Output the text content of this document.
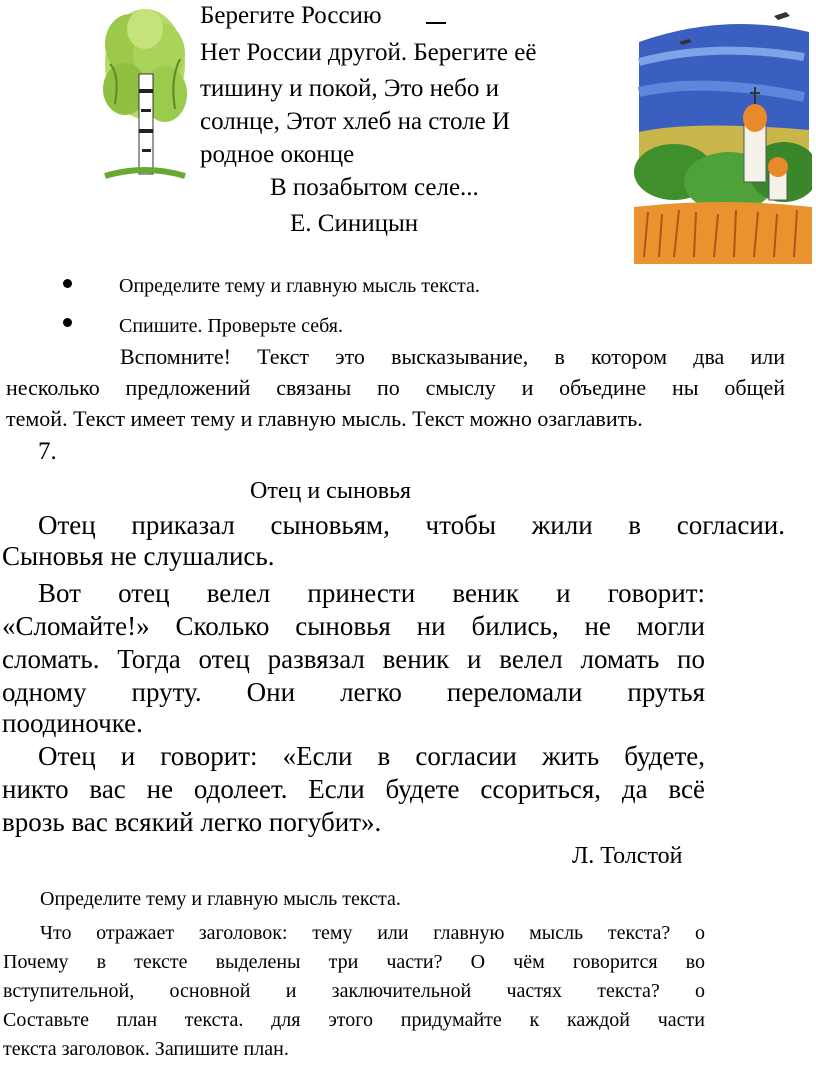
Берегите Россию
Нет России другой. Берегите её
тишину и покой, Это небо и
солнце, Этот хлеб на столе И
родное оконце
В позабытом селе...
Е. Синицын
Определите тему и главную мысль текста.
Спишите. Проверьте себя.
Вспомните! Текст это высказывание, в котором два или
несколько предложений связаны по смыслу и объедине ны общей
темой. Текст имеет тему и главную мысль. Текст можно озаглавить.
7.
Отец и сыновья
Отец приказал сыновьям, чтобы жили в согласии.
Сыновья не слушались.
Вот отец велел принести веник и говорит:
«Сломайте!» Сколько сыновья ни бились, не могли
сломать. Тогда отец развязал веник и велел ломать по
одному пруту. Они легко переломали прутья
поодиночке.
Отец и говорит: «Если в согласии жить будете,
никто вас не одолеет. Если будете ссориться, да всё
врозь вас всякий легко погубит».
Л. Толстой
Определите тему и главную мысль текста.
Что отражает заголовок: тему или главную мысль текста? о
Почему в тексте выделены три части? О чём говорится во
вступительной, основной и заключительной частях текста? о
Составьте план текста. для этого придумайте к каждой части
текста заголовок. Запишите план.
